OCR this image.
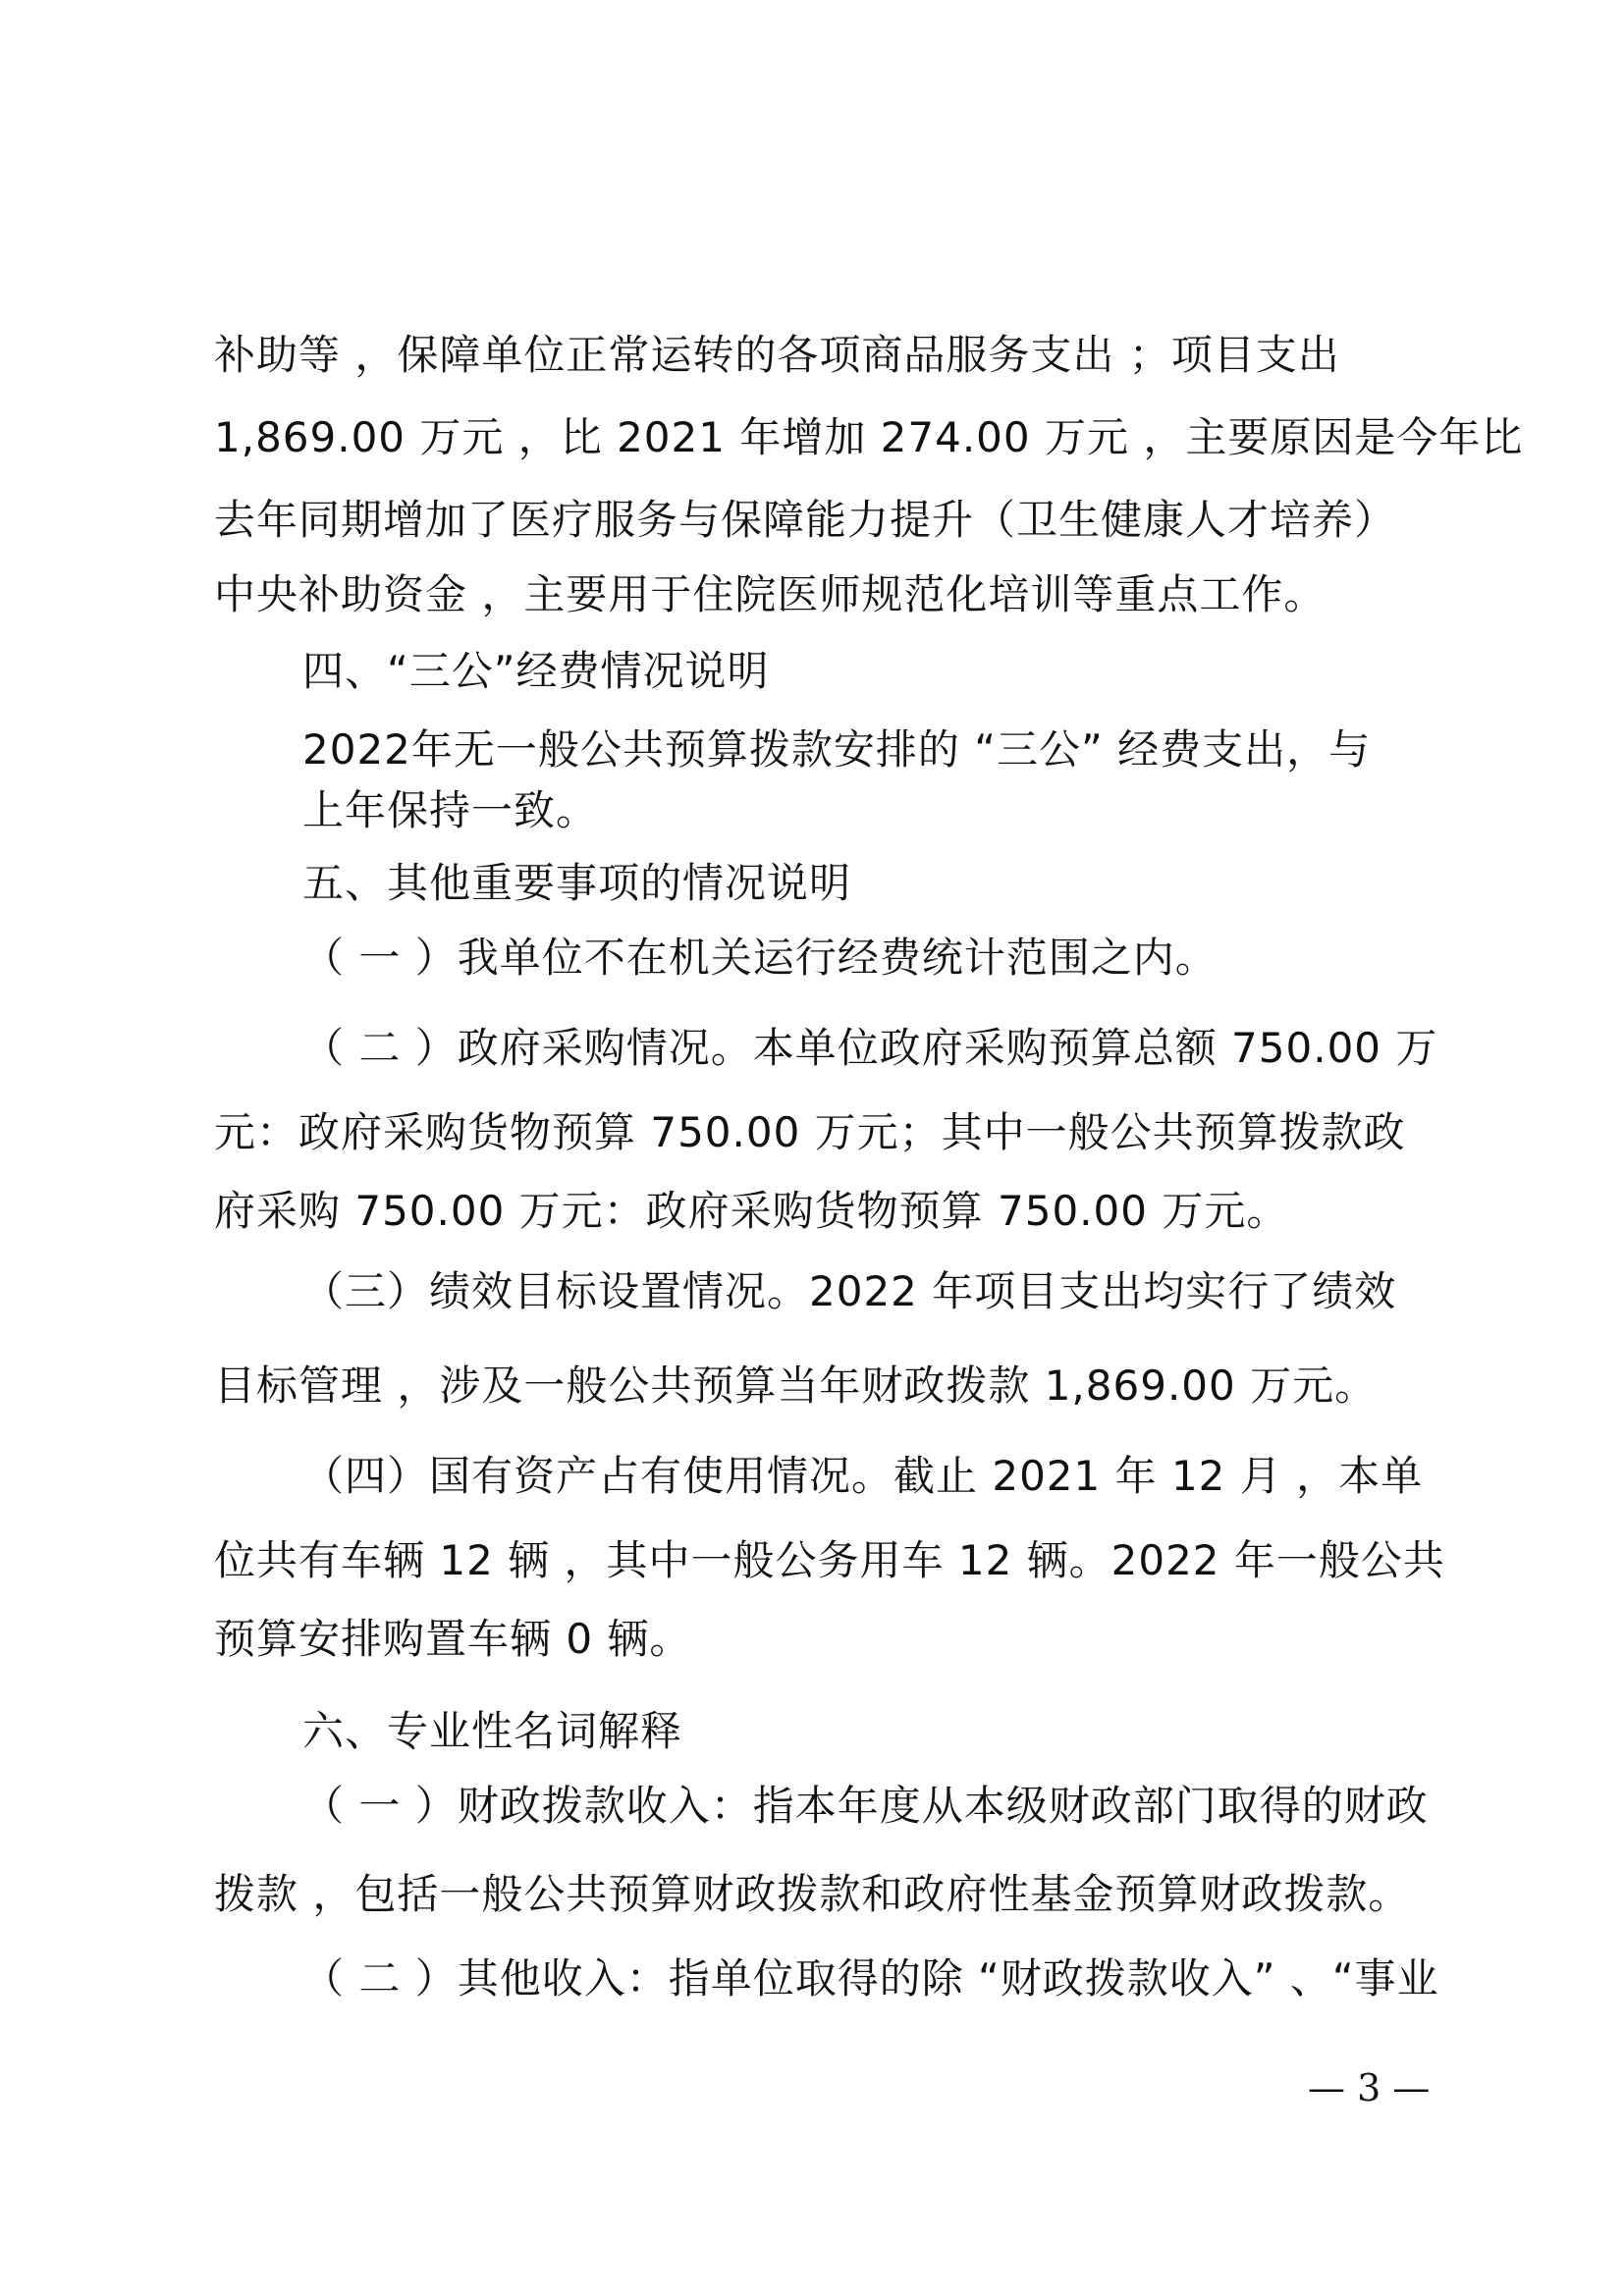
补助等 ，保障单位正常运转的各项商品服务支出 ；项目支出

1,869.00 万元 ，比 2021 年增加 274.00 万元 ，主要原因是今年比

去年同期增加了医疗服务与保障能力提升（卫生健康人才培养）

中央补助资金 ，主要用于住院医师规范化培训等重点工作。

四、“三公”经费情况说明

2022年无一般公共预算拨款安排的 “三公” 经费支出，与

上年保持一致。

五、其他重要事项的情况说明

（ 一 ）我单位不在机关运行经费统计范围之内。

（ 二 ）政府采购情况。本单位政府采购预算总额 750.00 万

元：政府采购货物预算 750.00 万元；其中一般公共预算拨款政

府采购 750.00 万元：政府采购货物预算 750.00 万元。

（三）绩效目标设置情况。2022 年项目支出均实行了绩效

目标管理 ，涉及一般公共预算当年财政拨款 1,869.00 万元。

（四）国有资产占有使用情况。截止 2021 年 12 月 ，本单

位共有车辆 12 辆 ，其中一般公务用车 12 辆。2022 年一般公共

预算安排购置车辆 0 辆。

六、专业性名词解释

（ 一 ）财政拨款收入：指本年度从本级财政部门取得的财政

拨款 ，包括一般公共预算财政拨款和政府性基金预算财政拨款。

（ 二 ）其他收入：指单位取得的除 “财政拨款收入” 、“事业

— 3 —
